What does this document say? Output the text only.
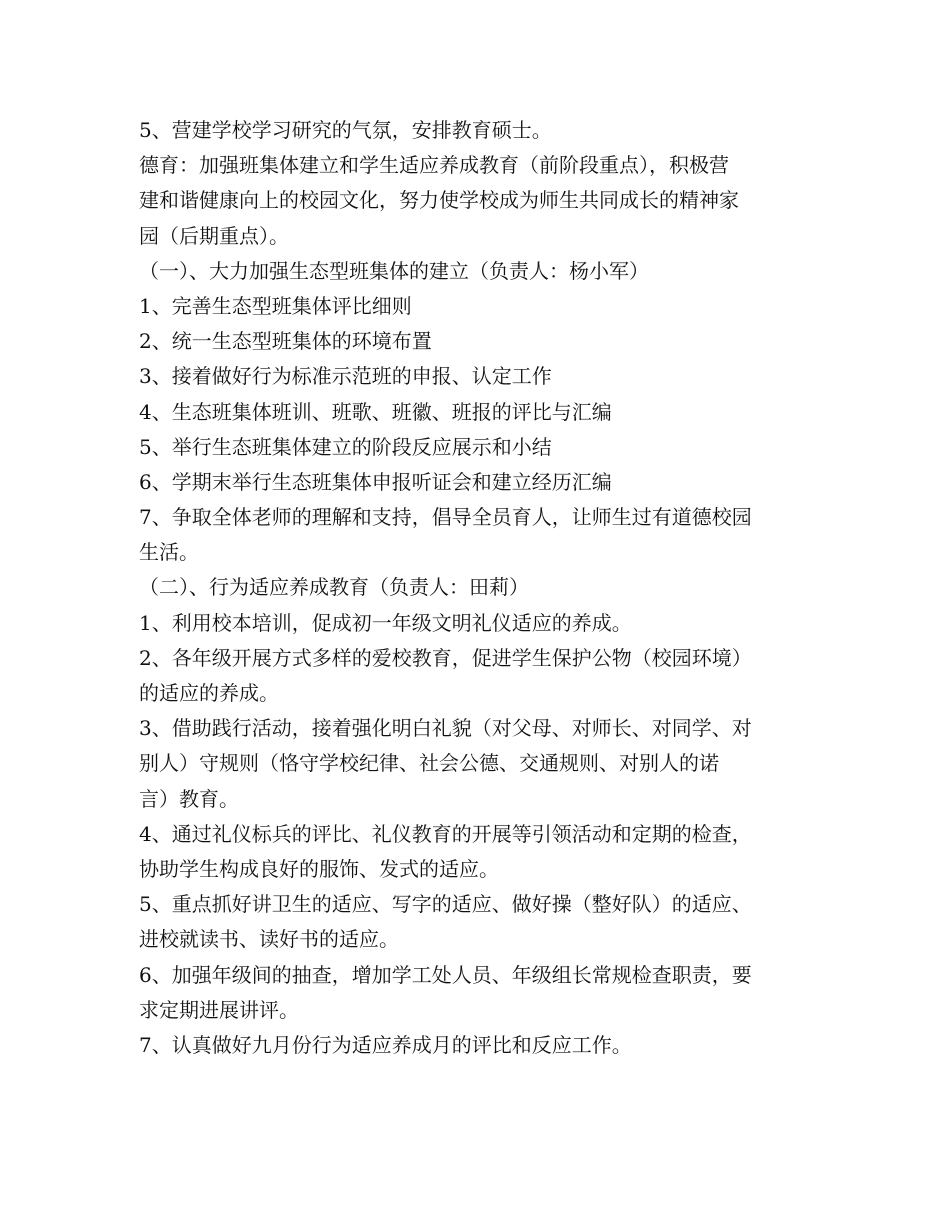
5、营建学校学习研究的气氛，安排教育硕士。
德育：加强班集体建立和学生适应养成教育（前阶段重点），积极营
建和谐健康向上的校园文化，努力使学校成为师生共同成长的精神家
园（后期重点）。
（一）、大力加强生态型班集体的建立（负责人：杨小军）
1、完善生态型班集体评比细则
2、统一生态型班集体的环境布置
3、接着做好行为标准示范班的申报、认定工作
4、生态班集体班训、班歌、班徽、班报的评比与汇编
5、举行生态班集体建立的阶段反应展示和小结
6、学期末举行生态班集体申报听证会和建立经历汇编
7、争取全体老师的理解和支持，倡导全员育人，让师生过有道德校园
生活。
（二）、行为适应养成教育（负责人：田莉）
1、利用校本培训，促成初一年级文明礼仪适应的养成。
2、各年级开展方式多样的爱校教育，促进学生保护公物（校园环境）
的适应的养成。
3、借助践行活动，接着强化明白礼貌（对父母、对师长、对同学、对
别人）守规则（恪守学校纪律、社会公德、交通规则、对别人的诺
言）教育。
4、通过礼仪标兵的评比、礼仪教育的开展等引领活动和定期的检查，
协助学生构成良好的服饰、发式的适应。
5、重点抓好讲卫生的适应、写字的适应、做好操（整好队）的适应、
进校就读书、读好书的适应。
6、加强年级间的抽查，增加学工处人员、年级组长常规检查职责，要
求定期进展讲评。
7、认真做好九月份行为适应养成月的评比和反应工作。
